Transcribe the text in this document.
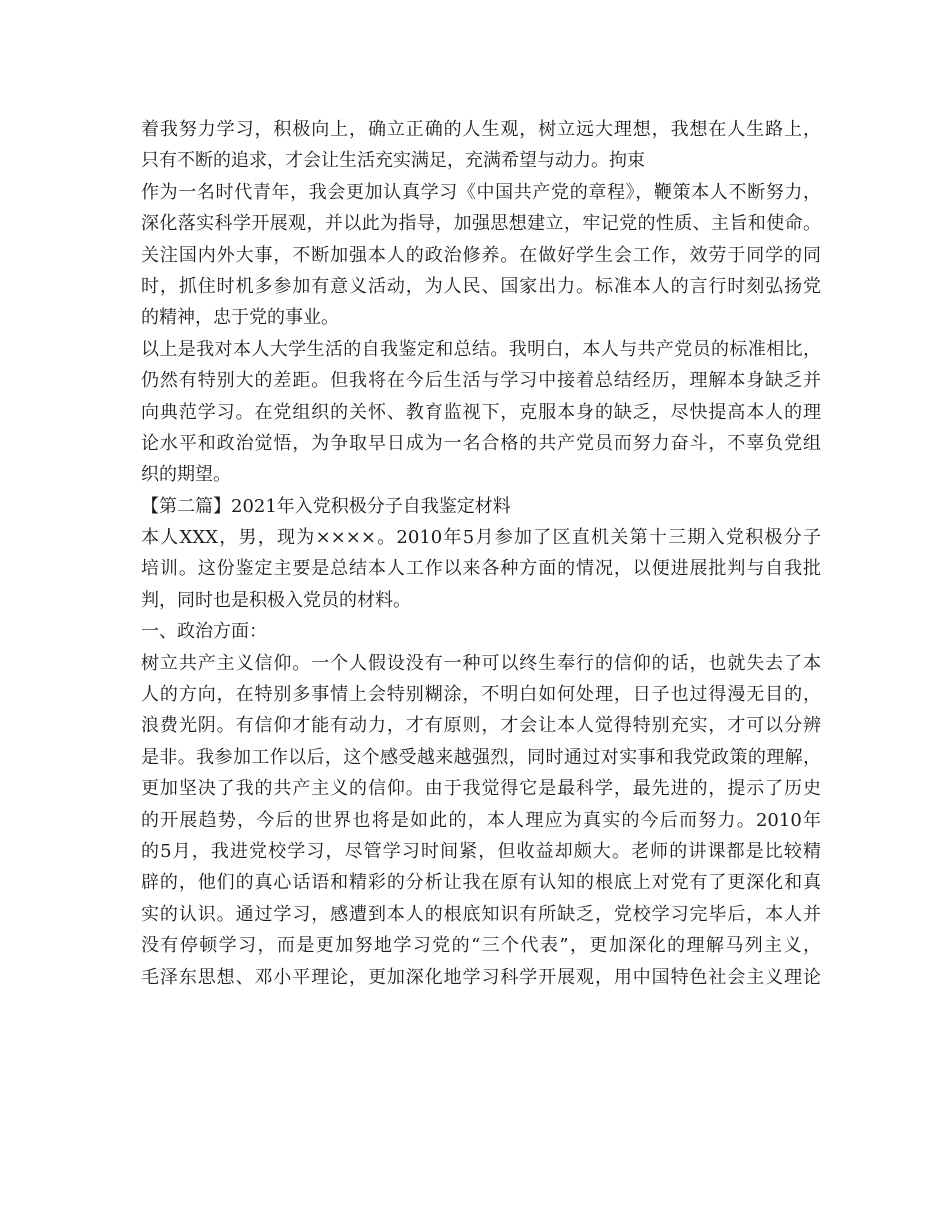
着我努力学习，积极向上，确立正确的人生观，树立远大理想，我想在人生路上，
只有不断的追求，才会让生活充实满足，充满希望与动力。拘束
作为一名时代青年，我会更加认真学习《中国共产党的章程》，鞭策本人不断努力，
深化落实科学开展观，并以此为指导，加强思想建立，牢记党的性质、主旨和使命。
关注国内外大事，不断加强本人的政治修养。在做好学生会工作，效劳于同学的同
时，抓住时机多参加有意义活动，为人民、国家出力。标准本人的言行时刻弘扬党
的精神，忠于党的事业。
以上是我对本人大学生活的自我鉴定和总结。我明白，本人与共产党员的标准相比，
仍然有特别大的差距。但我将在今后生活与学习中接着总结经历，理解本身缺乏并
向典范学习。在党组织的关怀、教育监视下，克服本身的缺乏，尽快提高本人的理
论水平和政治觉悟，为争取早日成为一名合格的共产党员而努力奋斗，不辜负党组
织的期望。
【第二篇】2021年入党积极分子自我鉴定材料
本人XXX，男，现为××××。2010年5月参加了区直机关第十三期入党积极分子
培训。这份鉴定主要是总结本人工作以来各种方面的情况，以便进展批判与自我批
判，同时也是积极入党员的材料。
一、政治方面：
树立共产主义信仰。一个人假设没有一种可以终生奉行的信仰的话，也就失去了本
人的方向，在特别多事情上会特别糊涂，不明白如何处理，日子也过得漫无目的，
浪费光阴。有信仰才能有动力，才有原则，才会让本人觉得特别充实，才可以分辨
是非。我参加工作以后，这个感受越来越强烈，同时通过对实事和我党政策的理解，
更加坚决了我的共产主义的信仰。由于我觉得它是最科学，最先进的，提示了历史
的开展趋势，今后的世界也将是如此的，本人理应为真实的今后而努力。2010年
的5月，我进党校学习，尽管学习时间紧，但收益却颇大。老师的讲课都是比较精
辟的，他们的真心话语和精彩的分析让我在原有认知的根底上对党有了更深化和真
实的认识。通过学习，感遭到本人的根底知识有所缺乏，党校学习完毕后，本人并
没有停顿学习，而是更加努地学习党的“三个代表”，更加深化的理解马列主义，
毛泽东思想、邓小平理论，更加深化地学习科学开展观，用中国特色社会主义理论
